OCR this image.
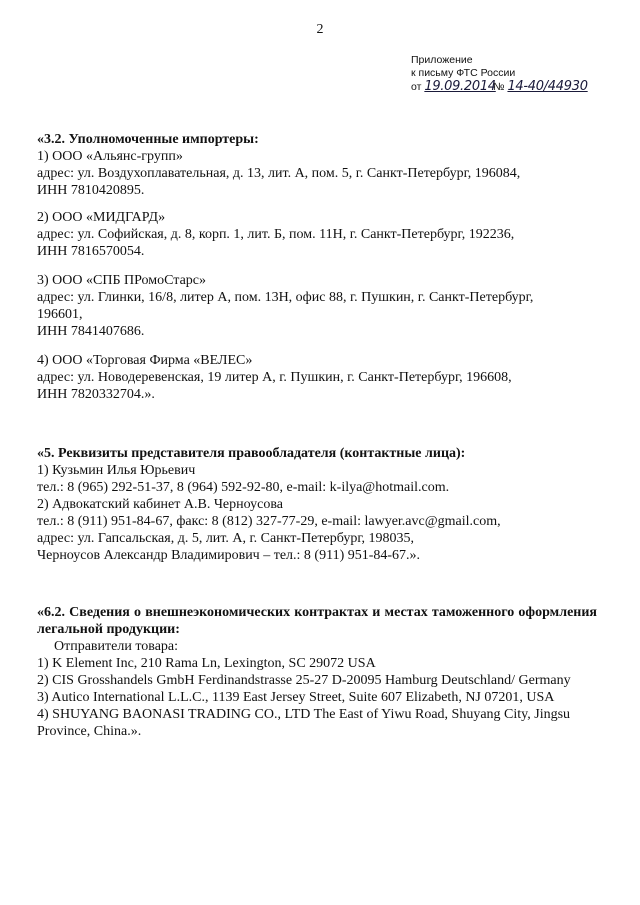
2
Приложение
к письму ФТС России
от 19.09.2014 № 14-40/44930

«3.2. Уполномоченные импортеры:

1) ООО «Альянс-групп»

адрес: ул. Воздухоплавательная, д. 13, лит. А, пом. 5, г. Санкт-Петербург, 196084,

ИНН 7810420895.

2) ООО «МИДГАРД»

адрес: ул. Софийская, д. 8, корп. 1, лит. Б, пом. 11Н, г. Санкт-Петербург, 192236,

ИНН 7816570054.

3) ООО «СПБ ПРомоСтарс»

адрес: ул. Глинки, 16/8, литер А, пом. 13Н, офис 88, г. Пушкин, г. Санкт-Петербург,

196601,

ИНН 7841407686.

4) ООО «Торговая Фирма «ВЕЛЕС»

адрес: ул. Новодеревенская, 19 литер А, г. Пушкин, г. Санкт-Петербург, 196608,

ИНН 7820332704.».

«5. Реквизиты представителя правообладателя (контактные лица):

1) Кузьмин Илья Юрьевич

тел.: 8 (965) 292-51-37, 8 (964) 592-92-80, e-mail: k-ilya@hotmail.com.

2) Адвокатский кабинет А.В. Черноусова

тел.: 8 (911) 951-84-67, факс: 8 (812) 327-77-29, e-mail: lawyer.avc@gmail.com,

адрес: ул. Гапсальская, д. 5, лит. А, г. Санкт-Петербург, 198035,

Черноусов Александр Владимирович – тел.: 8 (911) 951-84-67.».

«6.2. Сведения о внешнеэкономических контрактах и местах таможенного оформления легальной продукции:

Отправители товара:

1) K Element Inc, 210 Rama Ln, Lexington, SC 29072 USA

2) CIS Grosshandels GmbH Ferdinandstrasse 25-27 D-20095 Hamburg Deutschland/ Germany

3) Autico International L.L.C., 1139 East Jersey Street, Suite 607 Elizabeth, NJ 07201, USA

4) SHUYANG BAONASI TRADING CO., LTD The East of Yiwu Road, Shuyang City, Jingsu Province, China.».
